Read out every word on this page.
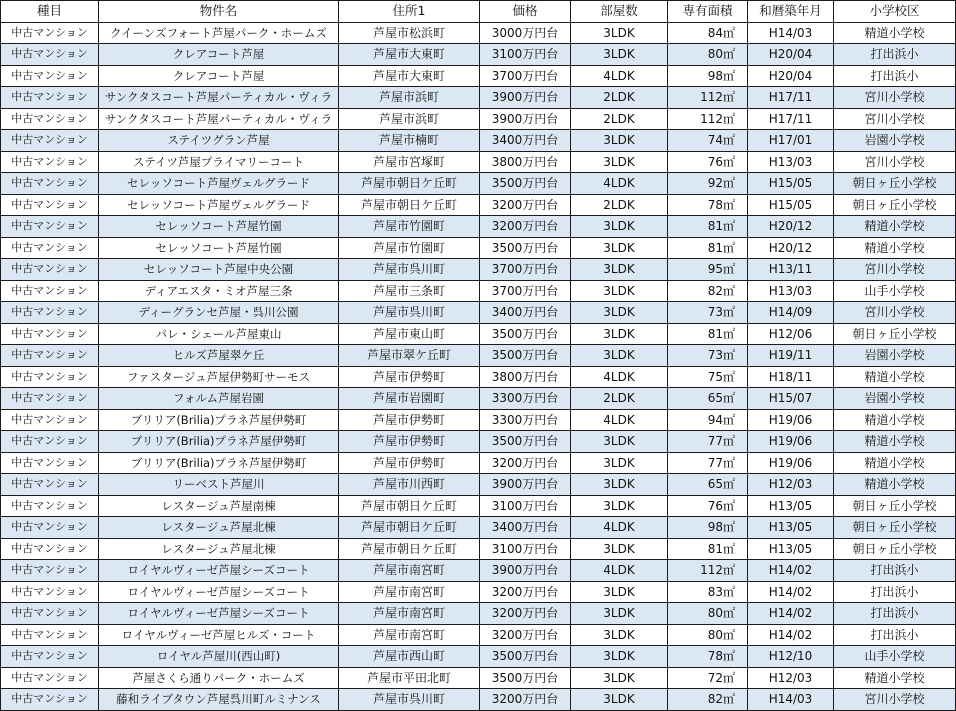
種目	物件名	住所1	価格	部屋数	専有面積	和暦築年月	小学校区
中古マンション	クイーンズフォート芦屋パーク・ホームズ	芦屋市松浜町	3000万円台	3LDK	84㎡	H14/03	精道小学校
中古マンション	クレアコート芦屋	芦屋市大東町	3100万円台	3LDK	80㎡	H20/04	打出浜小
中古マンション	クレアコート芦屋	芦屋市大東町	3700万円台	4LDK	98㎡	H20/04	打出浜小
中古マンション	サンクタスコート芦屋パーティカル・ヴィラ	芦屋市浜町	3900万円台	2LDK	112㎡	H17/11	宮川小学校
中古マンション	サンクタスコート芦屋パーティカル・ヴィラ	芦屋市浜町	3900万円台	2LDK	112㎡	H17/11	宮川小学校
中古マンション	ステイツグラン芦屋	芦屋市楠町	3400万円台	3LDK	74㎡	H17/01	岩園小学校
中古マンション	ステイツ芦屋プライマリーコート	芦屋市宮塚町	3800万円台	3LDK	76㎡	H13/03	宮川小学校
中古マンション	セレッソコート芦屋ヴェルグラード	芦屋市朝日ケ丘町	3500万円台	4LDK	92㎡	H15/05	朝日ヶ丘小学校
中古マンション	セレッソコート芦屋ヴェルグラード	芦屋市朝日ケ丘町	3200万円台	2LDK	78㎡	H15/05	朝日ヶ丘小学校
中古マンション	セレッソコート芦屋竹園	芦屋市竹園町	3200万円台	3LDK	81㎡	H20/12	精道小学校
中古マンション	セレッソコート芦屋竹園	芦屋市竹園町	3500万円台	3LDK	81㎡	H20/12	精道小学校
中古マンション	セレッソコート芦屋中央公園	芦屋市呉川町	3700万円台	3LDK	95㎡	H13/11	宮川小学校
中古マンション	ディアエスタ・ミオ芦屋三条	芦屋市三条町	3700万円台	3LDK	82㎡	H13/03	山手小学校
中古マンション	ディーグランセ芦屋・呉川公園	芦屋市呉川町	3400万円台	3LDK	73㎡	H14/09	宮川小学校
中古マンション	パレ・シェール芦屋東山	芦屋市東山町	3500万円台	3LDK	81㎡	H12/06	朝日ヶ丘小学校
中古マンション	ヒルズ芦屋翠ケ丘	芦屋市翠ケ丘町	3500万円台	3LDK	73㎡	H19/11	岩園小学校
中古マンション	ファスタージュ芦屋伊勢町サーモス	芦屋市伊勢町	3800万円台	4LDK	75㎡	H18/11	精道小学校
中古マンション	フォルム芦屋岩園	芦屋市岩園町	3300万円台	2LDK	65㎡	H15/07	岩園小学校
中古マンション	ブリリア(Brilia)プラネ芦屋伊勢町	芦屋市伊勢町	3300万円台	4LDK	94㎡	H19/06	精道小学校
中古マンション	ブリリア(Brilia)プラネ芦屋伊勢町	芦屋市伊勢町	3500万円台	3LDK	77㎡	H19/06	精道小学校
中古マンション	ブリリア(Brilia)プラネ芦屋伊勢町	芦屋市伊勢町	3200万円台	3LDK	77㎡	H19/06	精道小学校
中古マンション	リーベスト芦屋川	芦屋市川西町	3900万円台	3LDK	65㎡	H12/03	精道小学校
中古マンション	レスタージュ芦屋南棟	芦屋市朝日ケ丘町	3100万円台	3LDK	76㎡	H13/05	朝日ヶ丘小学校
中古マンション	レスタージュ芦屋北棟	芦屋市朝日ケ丘町	3400万円台	4LDK	98㎡	H13/05	朝日ヶ丘小学校
中古マンション	レスタージュ芦屋北棟	芦屋市朝日ケ丘町	3100万円台	3LDK	81㎡	H13/05	朝日ヶ丘小学校
中古マンション	ロイヤルヴィーゼ芦屋シーズコート	芦屋市南宮町	3900万円台	4LDK	112㎡	H14/02	打出浜小
中古マンション	ロイヤルヴィーゼ芦屋シーズコート	芦屋市南宮町	3200万円台	3LDK	83㎡	H14/02	打出浜小
中古マンション	ロイヤルヴィーゼ芦屋シーズコート	芦屋市南宮町	3200万円台	3LDK	80㎡	H14/02	打出浜小
中古マンション	ロイヤルヴィーゼ芦屋ヒルズ・コート	芦屋市南宮町	3200万円台	3LDK	80㎡	H14/02	打出浜小
中古マンション	ロイヤル芦屋川(西山町)	芦屋市西山町	3500万円台	3LDK	78㎡	H12/10	山手小学校
中古マンション	芦屋さくら通りパーク・ホームズ	芦屋市平田北町	3500万円台	3LDK	72㎡	H12/03	精道小学校
中古マンション	藤和ライブタウン芦屋呉川町ルミナンス	芦屋市呉川町	3200万円台	3LDK	82㎡	H14/03	宮川小学校
